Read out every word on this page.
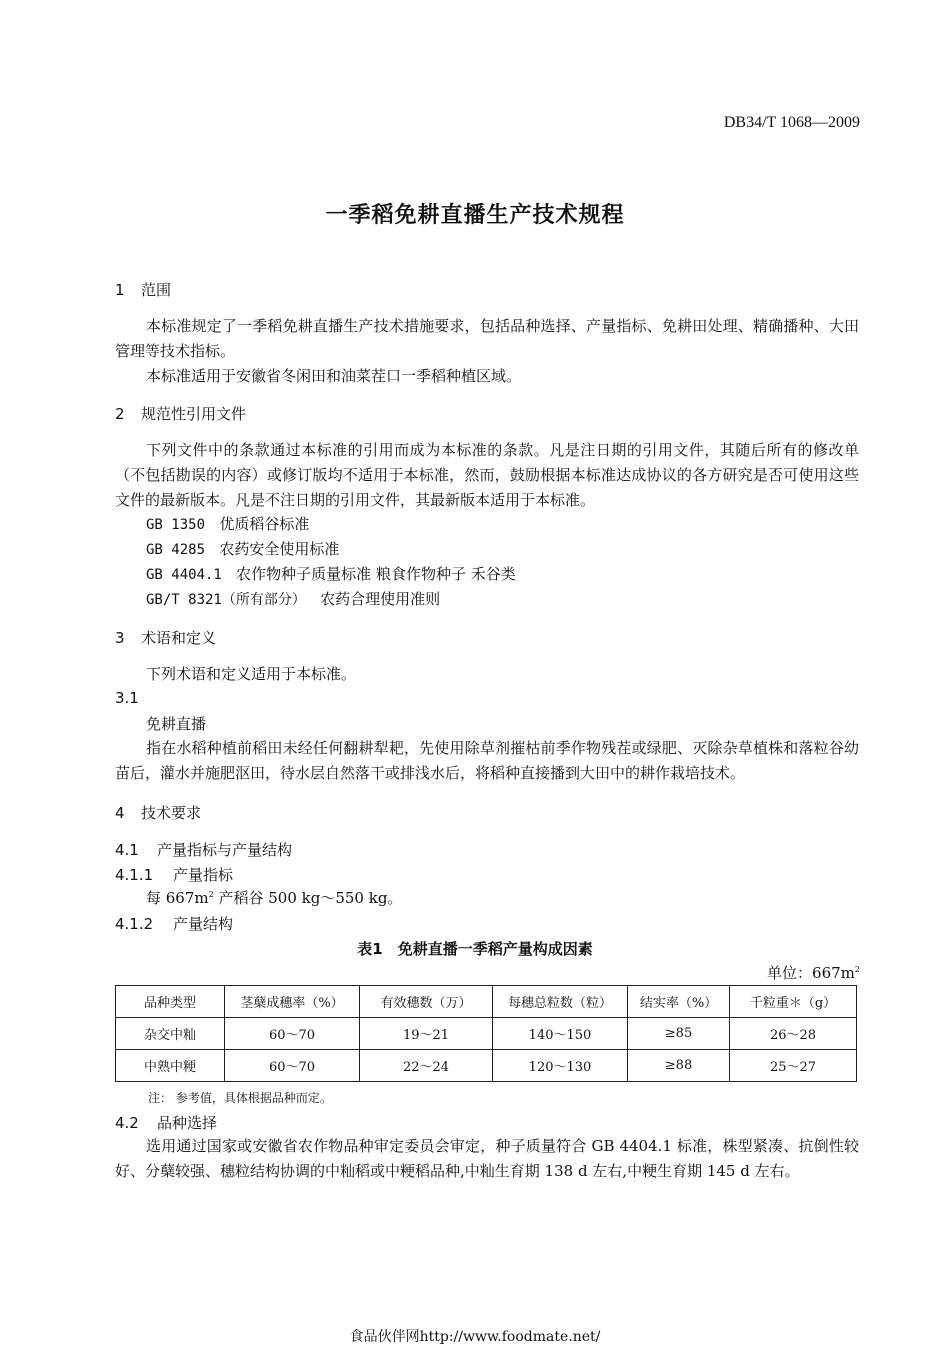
DB34/T 1068—2009
一季稻免耕直播生产技术规程
1 范围
本标准规定了一季稻免耕直播生产技术措施要求，包括品种选择、产量指标、免耕田处理、精确播种、大田管理等技术指标。
本标准适用于安徽省冬闲田和油菜茬口一季稻种植区域。
2 规范性引用文件
下列文件中的条款通过本标准的引用而成为本标准的条款。凡是注日期的引用文件，其随后所有的修改单（不包括勘误的内容）或修订版均不适用于本标准，然而，鼓励根据本标准达成协议的各方研究是否可使用这些文件的最新版本。凡是不注日期的引用文件，其最新版本适用于本标准。
GB 1350 优质稻谷标准
GB 4285 农药安全使用标准
GB 4404.1 农作物种子质量标准 粮食作物种子 禾谷类
GB/T 8321（所有部分） 农药合理使用准则
3 术语和定义
下列术语和定义适用于本标准。
3.1
免耕直播
指在水稻种植前稻田未经任何翻耕犁耙，先使用除草剂摧枯前季作物残茬或绿肥、灭除杂草植株和落粒谷幼苗后，灌水并施肥沤田，待水层自然落干或排浅水后，将稻种直接播到大田中的耕作栽培技术。
4 技术要求
4.1 产量指标与产量结构
4.1.1 产量指标
每 $667m^2$ 产稻谷 500 kg～550 kg。
4.1.2 产量结构
表1　免耕直播一季稻产量构成因素
单位：$667m^2$
品种类型	茎蘖成穗率（%）	有效穗数（万）	每穗总粒数（粒）	结实率（%）	千粒重＊（g）
杂交中籼	60～70	19～21	140～150	≥85	26～28
中熟中粳	60～70	22～24	120～130	≥88	25～27
注： 参考值，具体根据品种而定。
4.2 品种选择
选用通过国家或安徽省农作物品种审定委员会审定，种子质量符合 GB 4404.1 标准，株型紧凑、抗倒性较好、分蘖较强、穗粒结构协调的中籼稻或中粳稻品种,中籼生育期 138 d 左右,中粳生育期 145 d 左右。
食品伙伴网http://www.foodmate.net/
